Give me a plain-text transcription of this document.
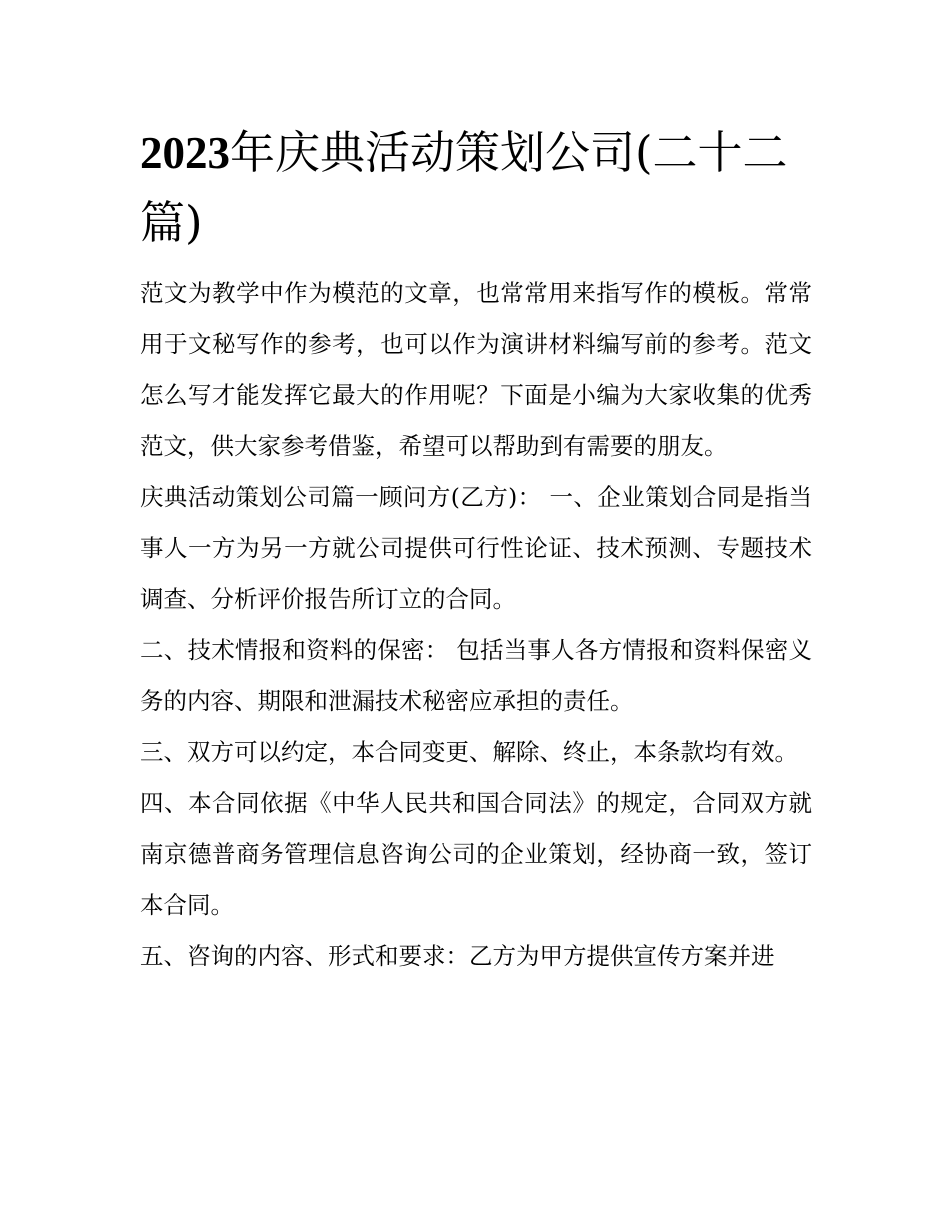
2023年庆典活动策划公司(二十二篇)

范文为教学中作为模范的文章，也常常用来指写作的模板。常常用于文秘写作的参考，也可以作为演讲材料编写前的参考。范文怎么写才能发挥它最大的作用呢？下面是小编为大家收集的优秀范文，供大家参考借鉴，希望可以帮助到有需要的朋友。

庆典活动策划公司篇一顾问方(乙方)： 一、企业策划合同是指当事人一方为另一方就公司提供可行性论证、技术预测、专题技术调查、分析评价报告所订立的合同。

二、技术情报和资料的保密： 包括当事人各方情报和资料保密义务的内容、期限和泄漏技术秘密应承担的责任。

三、双方可以约定，本合同变更、解除、终止，本条款均有效。

四、本合同依据《中华人民共和国合同法》的规定，合同双方就南京德普商务管理信息咨询公司的企业策划，经协商一致，签订本合同。

五、咨询的内容、形式和要求：乙方为甲方提供宣传方案并进
